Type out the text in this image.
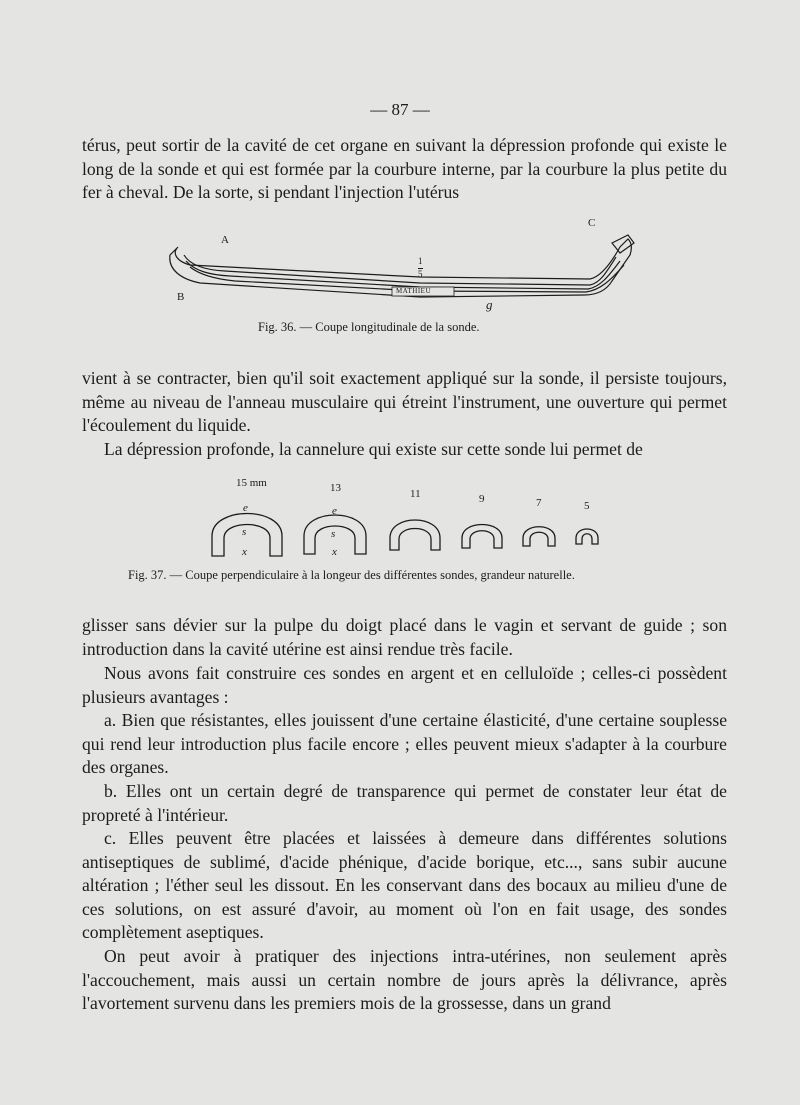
— 87 —

térus, peut sortir de la cavité de cet organe en suivant la dépression profonde qui existe le long de la sonde et qui est formée par la courbure interne, par la courbure la plus petite du fer à cheval. De la sorte, si pendant l'injection l'utérus

A
B
C
g
1
5
MATHIEU
Fig. 36. — Coupe longitudinale de la sonde.

vient à se contracter, bien qu'il soit exactement appliqué sur la sonde, il persiste toujours, même au niveau de l'anneau musculaire qui étreint l'instrument, une ouverture qui permet l'écoulement du liquide.

La dépression profonde, la cannelure qui existe sur cette sonde lui permet de

15 mm	13	11	9	7	5
e
s
x
e
s
x
Fig. 37. — Coupe perpendiculaire à la longeur des différentes sondes, grandeur naturelle.

glisser sans dévier sur la pulpe du doigt placé dans le vagin et servant de guide ; son introduction dans la cavité utérine est ainsi rendue très facile.

Nous avons fait construire ces sondes en argent et en celluloïde ; celles-ci possèdent plusieurs avantages :

a. Bien que résistantes, elles jouissent d'une certaine élasticité, d'une certaine souplesse qui rend leur introduction plus facile encore ; elles peuvent mieux s'adapter à la courbure des organes.

b. Elles ont un certain degré de transparence qui permet de constater leur état de propreté à l'intérieur.

c. Elles peuvent être placées et laissées à demeure dans différentes solutions antiseptiques de sublimé, d'acide phénique, d'acide borique, etc..., sans subir aucune altération ; l'éther seul les dissout. En les conservant dans des bocaux au milieu d'une de ces solutions, on est assuré d'avoir, au moment où l'on en fait usage, des sondes complètement aseptiques.

On peut avoir à pratiquer des injections intra-utérines, non seulement après l'accouchement, mais aussi un certain nombre de jours après la délivrance, après l'avortement survenu dans les premiers mois de la grossesse, dans un grand
